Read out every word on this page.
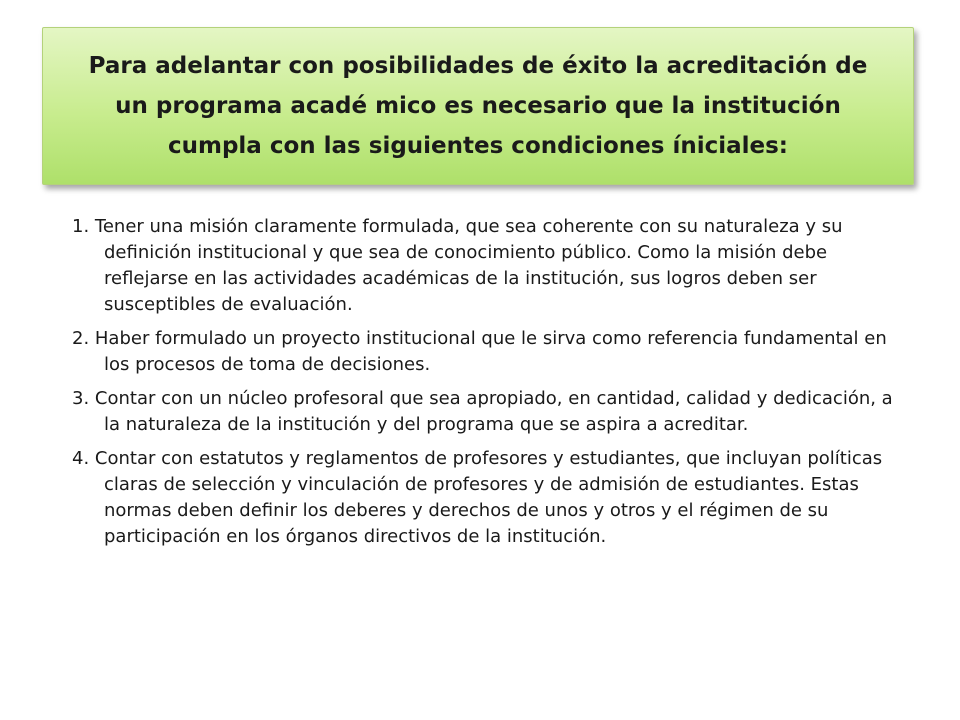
Para adelantar con posibilidades de éxito la acreditación de un programa acadé mico es necesario que la institución cumpla con las siguientes condiciones íniciales:
1. Tener una misión claramente formulada, que sea coherente con su naturaleza y su definición institucional y que sea de conocimiento público. Como la misión debe reflejarse en las actividades académicas de la institución, sus logros deben ser susceptibles de evaluación.
2. Haber formulado un proyecto institucional que le sirva como referencia fundamental en los procesos de toma de decisiones.
3. Contar con un núcleo profesoral que sea apropiado, en cantidad, calidad y dedicación, a la naturaleza de la institución y del programa que se aspira a acreditar.
4. Contar con estatutos y reglamentos de profesores y estudiantes, que incluyan políticas claras de selección y vinculación de profesores y de admisión de estudiantes. Estas normas deben definir los deberes y derechos de unos y otros y el régimen de su participación en los órganos directivos de la institución.
